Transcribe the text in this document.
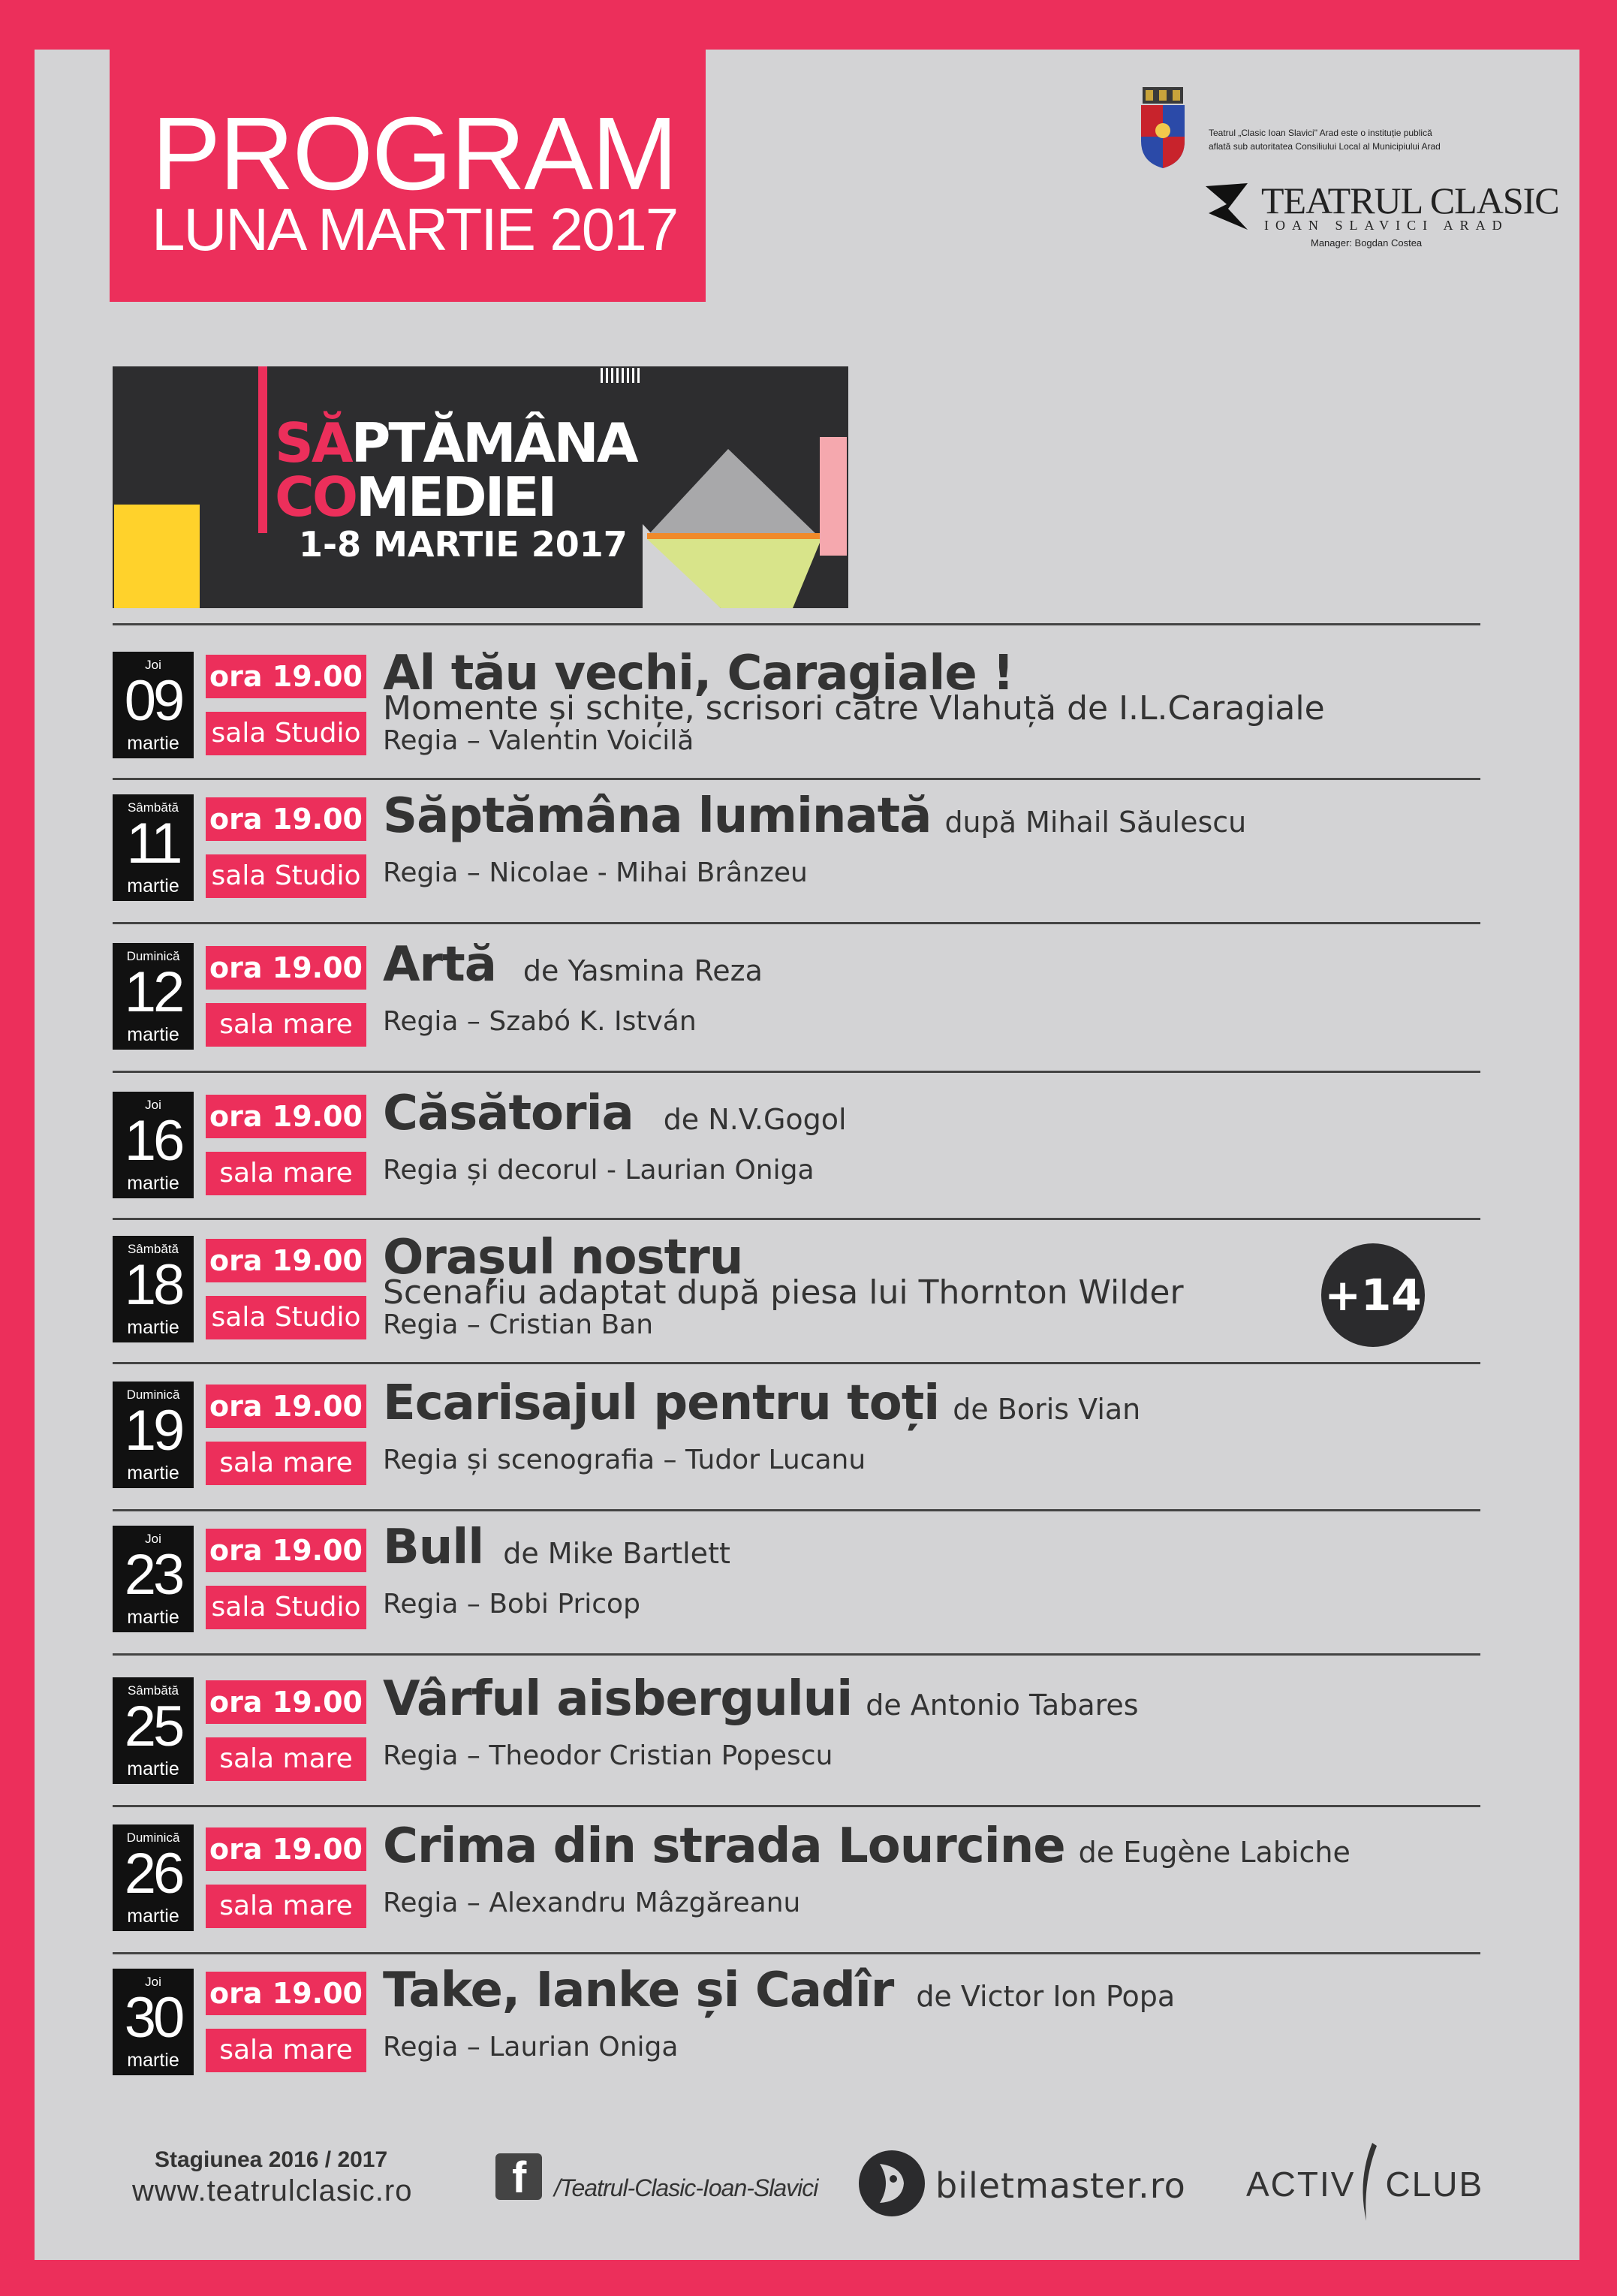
PROGRAM
LUNA MARTIE 2017
Teatrul „Clasic Ioan Slavici" Arad este o instituție publică
aflată sub autoritatea Consiliului Local al Municipiului Arad
TEATRUL CLASIC
IOAN SLAVICI ARAD
Manager: Bogdan Costea
SĂPTĂMÂNA
COMEDIEI
1-8 MARTIE 2017
Joi
09
martie
ora 19.00
sala Studio
Al tău vechi, Caragiale !
Momente și schițe, scrisori către Vlahuță de I.L.Caragiale
Regia – Valentin Voicilă
Sâmbătă
11
martie
ora 19.00
sala Studio
Săptămâna luminată după Mihail Săulescu
Regia – Nicolae - Mihai Brânzeu
Duminică
12
martie
ora 19.00
sala mare
Artă de Yasmina Reza
Regia – Szabó K. István
Joi
16
martie
ora 19.00
sala mare
Căsătoria de N.V.Gogol
Regia și decorul - Laurian Oniga
Sâmbătă
18
martie
ora 19.00
sala Studio
Orașul nostru
Scenariu adaptat după piesa lui Thornton Wilder
Regia – Cristian Ban
+14
Duminică
19
martie
ora 19.00
sala mare
Ecarisajul pentru toți de Boris Vian
Regia și scenografia – Tudor Lucanu
Joi
23
martie
ora 19.00
sala Studio
Bull de Mike Bartlett
Regia – Bobi Pricop
Sâmbătă
25
martie
ora 19.00
sala mare
Vârful aisbergului de Antonio Tabares
Regia – Theodor Cristian Popescu
Duminică
26
martie
ora 19.00
sala mare
Crima din strada Lourcine de Eugène Labiche
Regia – Alexandru Mâzgăreanu
Joi
30
martie
ora 19.00
sala mare
Take, Ianke și Cadîr de Victor Ion Popa
Regia – Laurian Oniga
Stagiunea 2016 / 2017
www.teatrulclasic.ro f /Teatrul-Clasic-Ioan-Slavici	biletmaster.ro ACTIV CLUB
